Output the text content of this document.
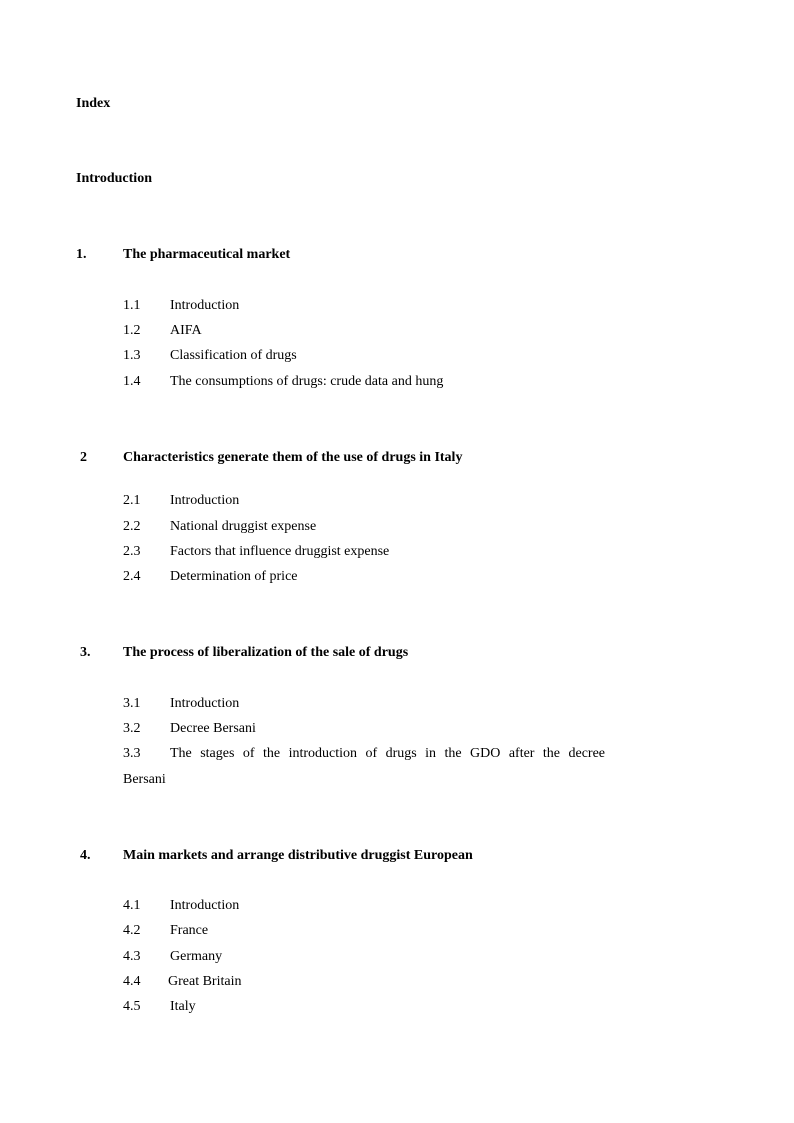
Index
Introduction
1.	The pharmaceutical market
1.1 Introduction
1.2 AIFA
1.3 Classification of drugs
1.4 The consumptions of drugs: crude data and hung
2	Characteristics generate them of the use of drugs in Italy
2.1 Introduction
2.2 National druggist expense
2.3 Factors that influence druggist expense
2.4 Determination of price
3. The process of liberalization of the sale of drugs
3.1 Introduction
3.2 Decree Bersani
3.3 The stages of the introduction of drugs in the GDO after the decree
Bersani
4. Main markets and arrange distributive druggist European
4.1 Introduction
4.2 France
4.3 Germany
4.4 Great Britain
4.5 Italy
